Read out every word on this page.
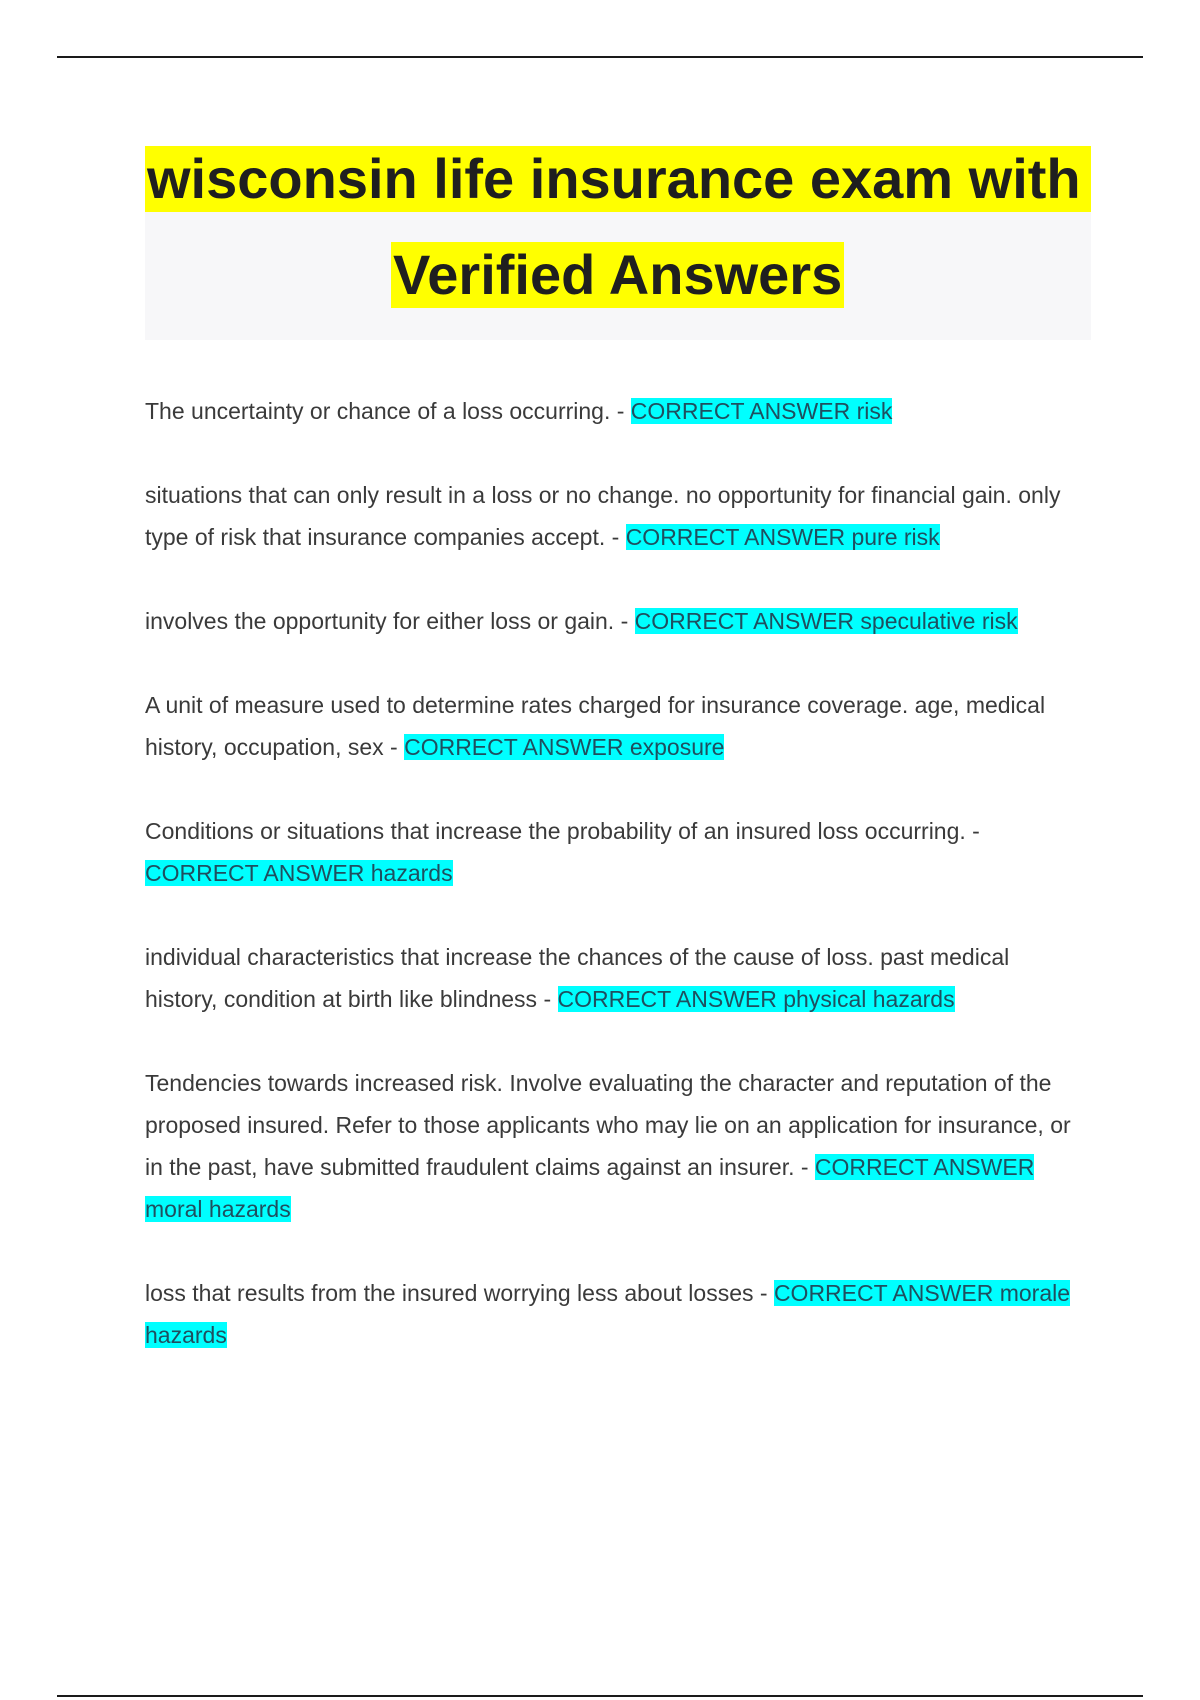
wisconsin life insurance exam with
Verified Answers

The uncertainty or chance of a loss occurring. - CORRECT ANSWER risk

situations that can only result in a loss or no change. no opportunity for financial gain. only type of risk that insurance companies accept. - CORRECT ANSWER pure risk

involves the opportunity for either loss or gain. - CORRECT ANSWER speculative risk

A unit of measure used to determine rates charged for insurance coverage. age, medical history, occupation, sex - CORRECT ANSWER exposure

Conditions or situations that increase the probability of an insured loss occurring. - CORRECT ANSWER hazards

individual characteristics that increase the chances of the cause of loss. past medical history, condition at birth like blindness - CORRECT ANSWER physical hazards

Tendencies towards increased risk. Involve evaluating the character and reputation of the proposed insured. Refer to those applicants who may lie on an application for insurance, or in the past, have submitted fraudulent claims against an insurer. - CORRECT ANSWER moral hazards

loss that results from the insured worrying less about losses - CORRECT ANSWER morale hazards
